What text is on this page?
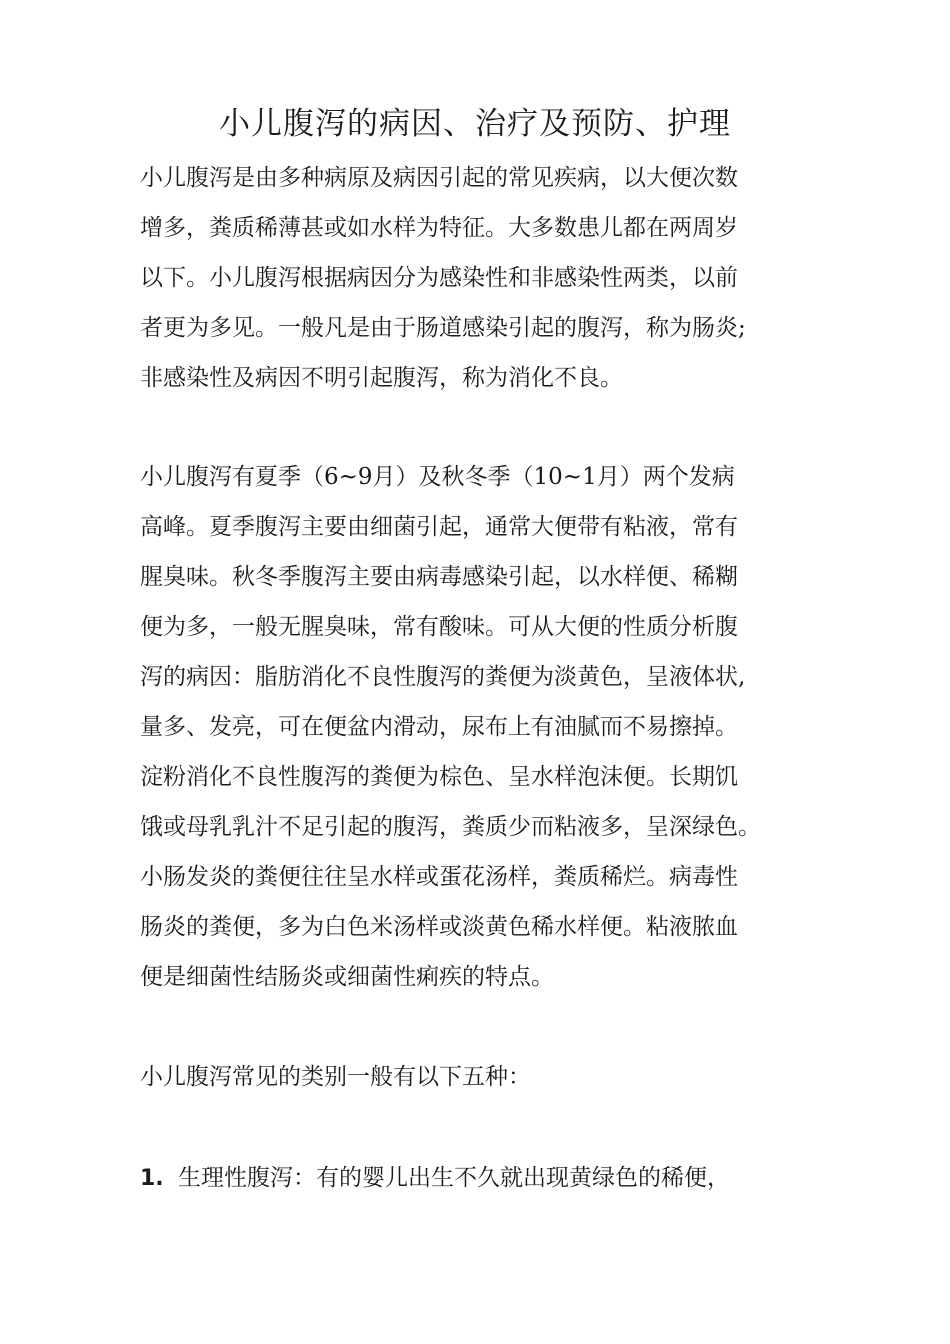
小儿腹泻的病因、治疗及预防、护理
小儿腹泻是由多种病原及病因引起的常见疾病，以大便次数
增多，粪质稀薄甚或如水样为特征。大多数患儿都在两周岁
以下。小儿腹泻根据病因分为感染性和非感染性两类，以前
者更为多见。一般凡是由于肠道感染引起的腹泻，称为肠炎;
非感染性及病因不明引起腹泻，称为消化不良。
小儿腹泻有夏季（6~9月）及秋冬季（10~1月）两个发病
高峰。夏季腹泻主要由细菌引起，通常大便带有粘液，常有
腥臭味。秋冬季腹泻主要由病毒感染引起，以水样便、稀糊
便为多，一般无腥臭味，常有酸味。可从大便的性质分析腹
泻的病因：脂肪消化不良性腹泻的粪便为淡黄色，呈液体状,
量多、发亮，可在便盆内滑动，尿布上有油腻而不易擦掉。
淀粉消化不良性腹泻的粪便为棕色、呈水样泡沫便。长期饥
饿或母乳乳汁不足引起的腹泻，粪质少而粘液多，呈深绿色。
小肠发炎的粪便往往呈水样或蛋花汤样，粪质稀烂。病毒性
肠炎的粪便，多为白色米汤样或淡黄色稀水样便。粘液脓血
便是细菌性结肠炎或细菌性痢疾的特点。
小儿腹泻常见的类别一般有以下五种：
1. 生理性腹泻：有的婴儿出生不久就出现黄绿色的稀便，
